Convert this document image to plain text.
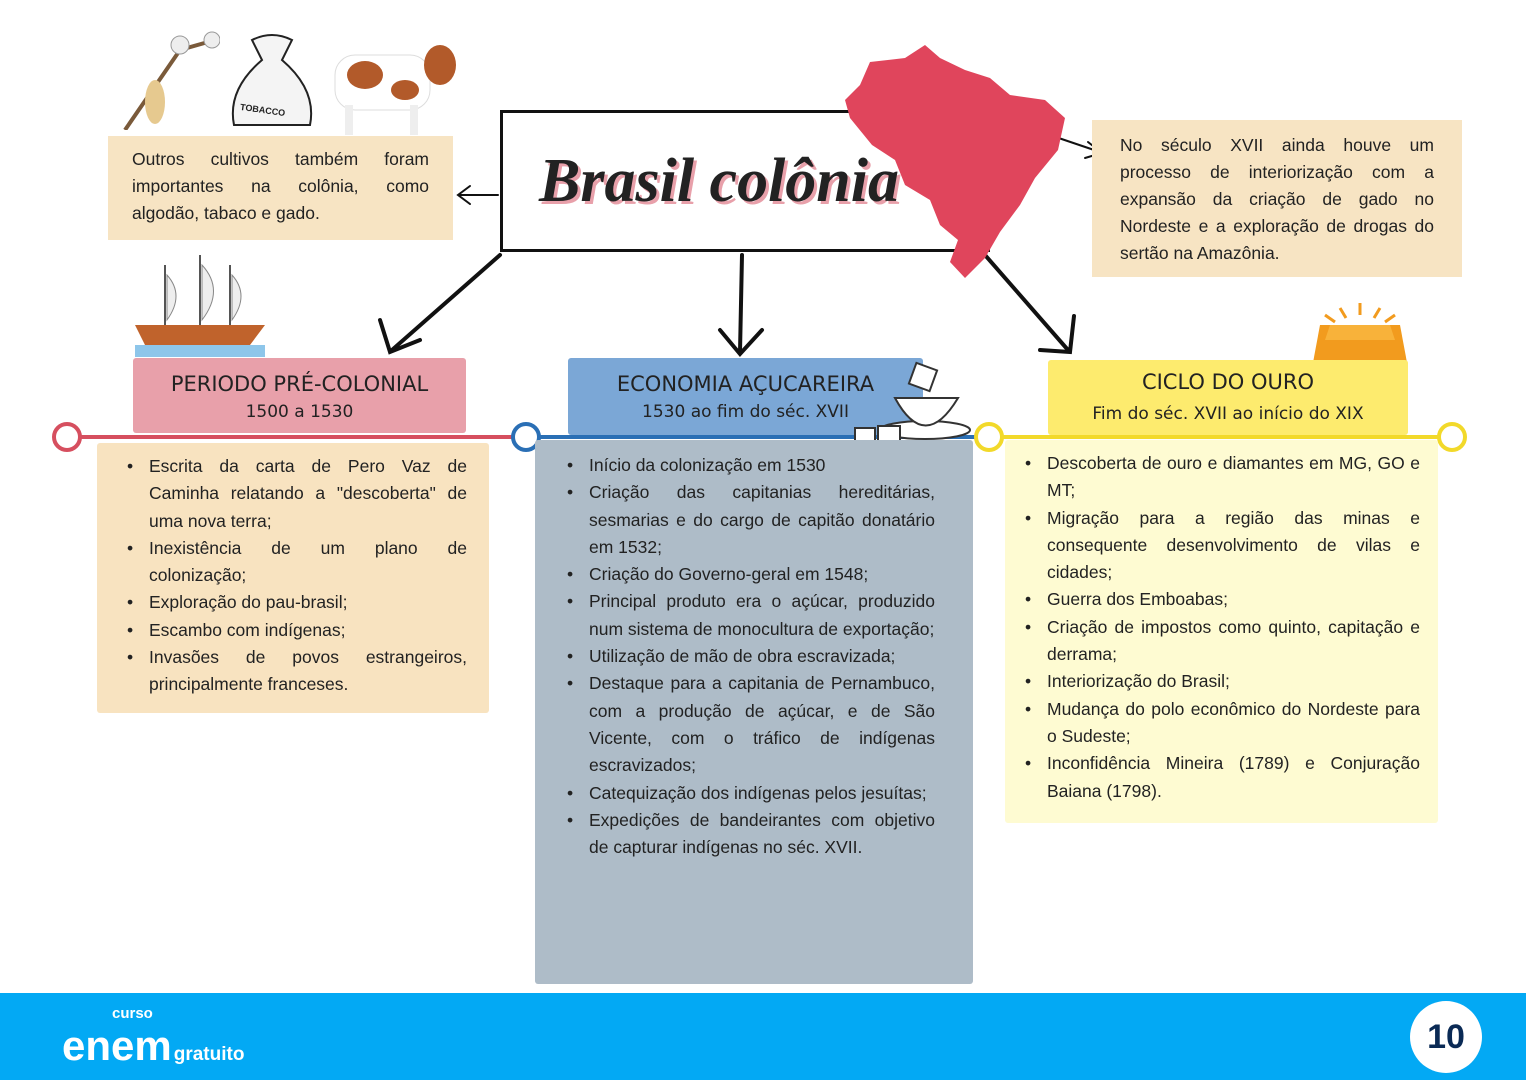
TOBACCO
Brasil colônia
Outros cultivos também foram importantes na colônia, como algodão, tabaco e gado.
No século XVII ainda houve um processo de interiorização com a expansão da criação de gado no Nordeste e a exploração de drogas do sertão na Amazônia.
PERIODO PRÉ-COLONIAL
1500 a 1530
• Escrita da carta de Pero Vaz de Caminha relatando a "descoberta" de uma nova terra;
• Inexistência de um plano de colonização;
• Exploração do pau-brasil;
• Escambo com indígenas;
• Invasões de povos estrangeiros, principalmente franceses.
ECONOMIA AÇUCAREIRA
1530 ao fim do séc. XVII
• Início da colonização em 1530
• Criação das capitanias hereditárias, sesmarias e do cargo de capitão donatário em 1532;
• Criação do Governo-geral em 1548;
• Principal produto era o açúcar, produzido num sistema de monocultura de exportação;
• Utilização de mão de obra escravizada;
• Destaque para a capitania de Pernambuco, com a produção de açúcar, e de São Vicente, com o tráfico de indígenas escravizados;
• Catequização dos indígenas pelos jesuítas;
• Expedições de bandeirantes com objetivo de capturar indígenas no séc. XVII.
CICLO DO OURO
Fim do séc. XVII ao início do XIX
• Descoberta de ouro e diamantes em MG, GO e MT;
• Migração para a região das minas e consequente desenvolvimento de vilas e cidades;
• Guerra dos Emboabas;
• Criação de impostos como quinto, capitação e derrama;
• Interiorização do Brasil;
• Mudança do polo econômico do Nordeste para o Sudeste;
• Inconfidência Mineira (1789) e Conjuração Baiana (1798).
curso
enem gratuito	10
